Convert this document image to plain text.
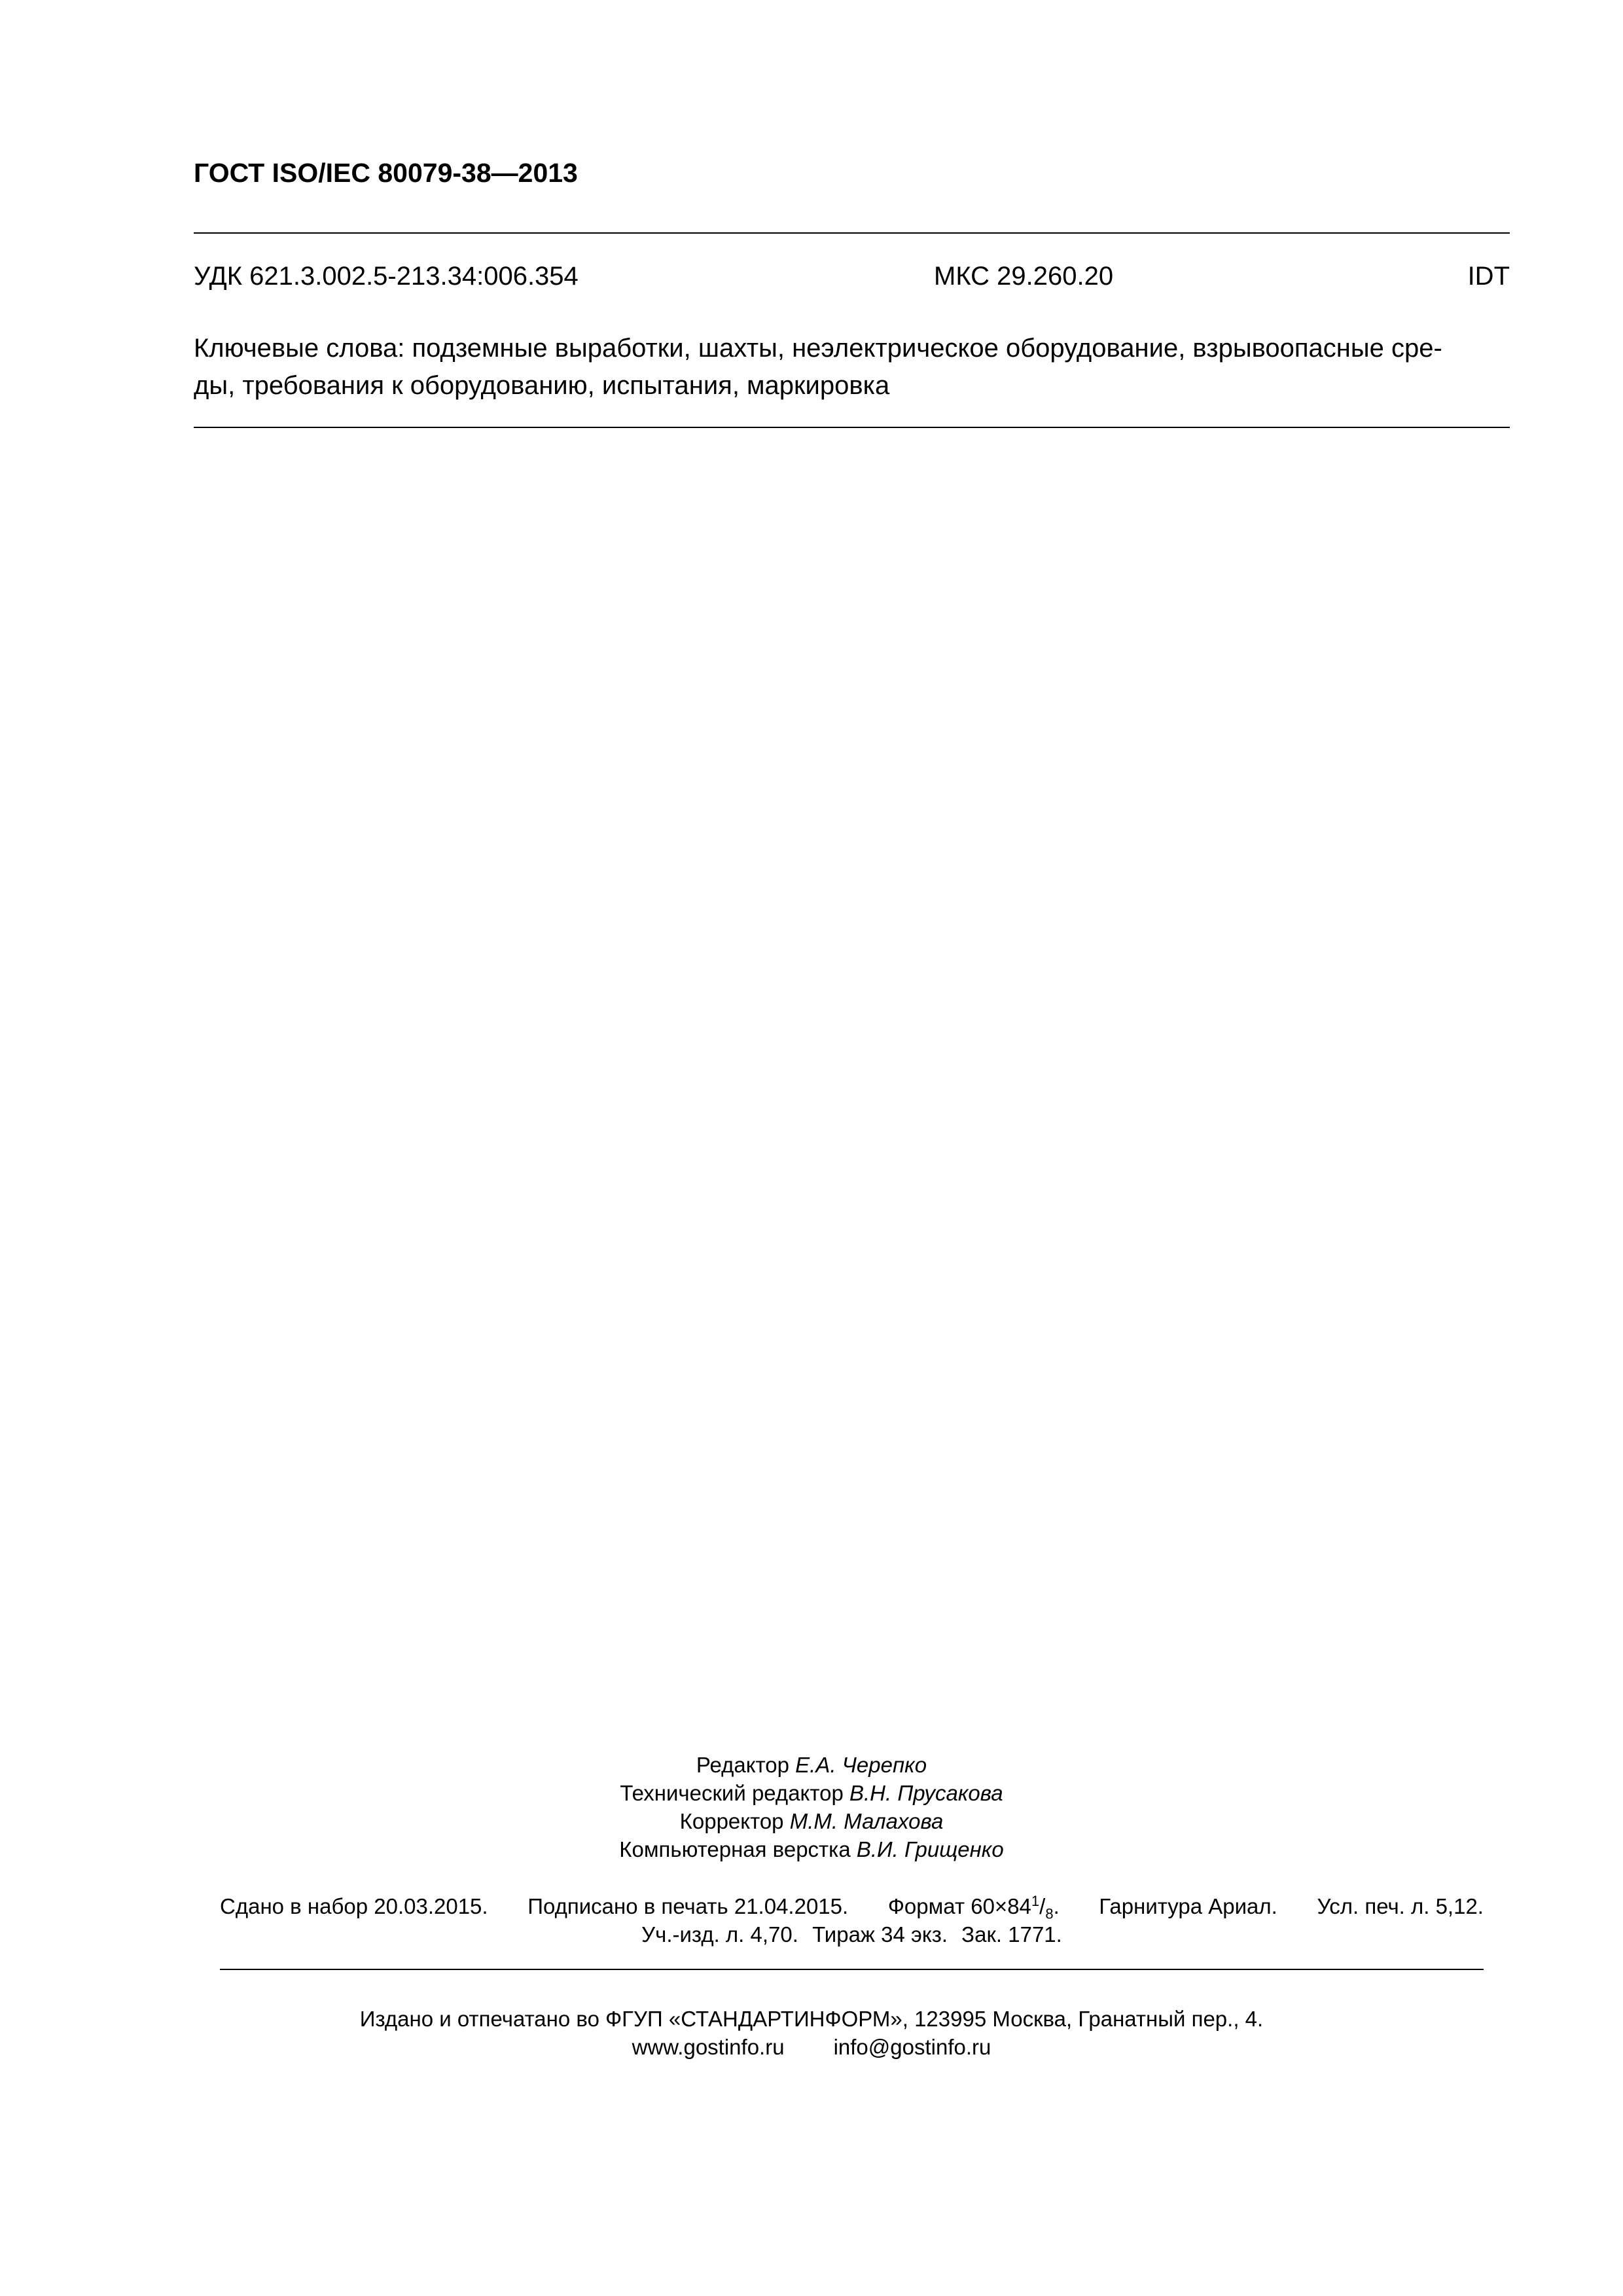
ГОСТ ISO/IEC 80079-38—2013
УДК 621.3.002.5-213.34:006.354	МКС 29.260.20	IDT
Ключевые слова: подземные выработки, шахты, неэлектрическое оборудование, взрывоопасные сре-
ды, требования к оборудованию, испытания, маркировка
Редактор Е.А. Черепко
Технический редактор В.Н. Прусакова
Корректор М.М. Малахова
Компьютерная верстка В.И. Грищенко
Сдано в набор 20.03.2015. Подписано в печать 21.04.2015. Формат $60\times 84^1/_8$. Гарнитура Ариал. Усл. печ. л. 5,12.
Уч.-изд. л. 4,70. Тираж 34 экз. Зак. 1771.
Издано и отпечатано во ФГУП «СТАНДАРТИНФОРМ», 123995 Москва, Гранатный пер., 4.
www.gostinfo.ru info@gostinfo.ru
